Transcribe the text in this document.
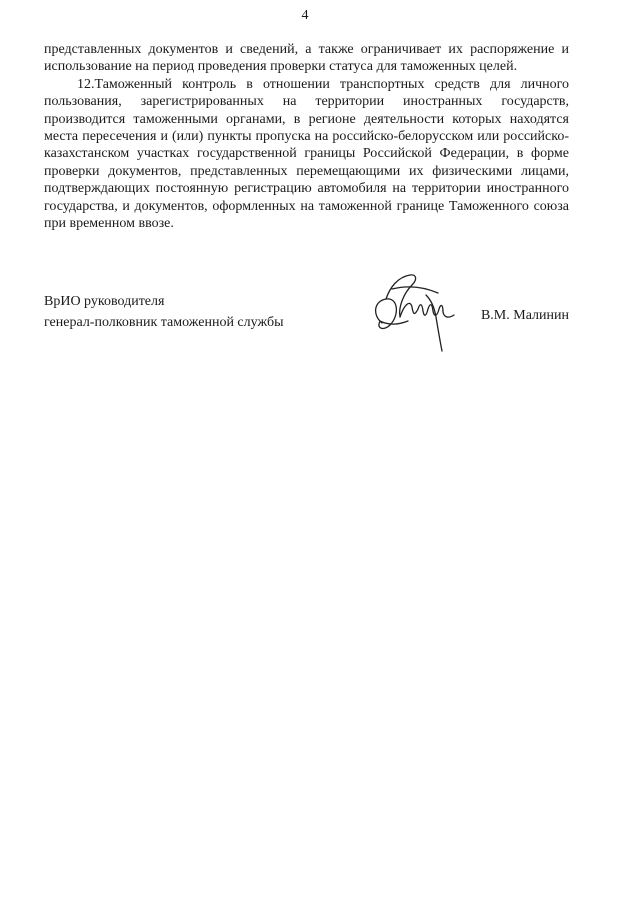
4

представленных документов и сведений, а также ограничивает их распоряжение и использование на период проведения проверки статуса для таможенных целей.

12.Таможенный контроль в отношении транспортных средств для личного пользования, зарегистрированных на территории иностранных государств, производится таможенными органами, в регионе деятельности которых находятся места пересечения и (или) пункты пропуска на российско-белорусском или российско-казахстанском участках государственной границы Российской Федерации, в форме проверки документов, представленных перемещающими их физическими лицами, подтверждающих постоянную регистрацию автомобиля на территории иностранного государства, и документов, оформленных на таможенной границе Таможенного союза при временном ввозе.

ВрИО руководителя
генерал-полковник таможенной службы	В.М. Малинин
